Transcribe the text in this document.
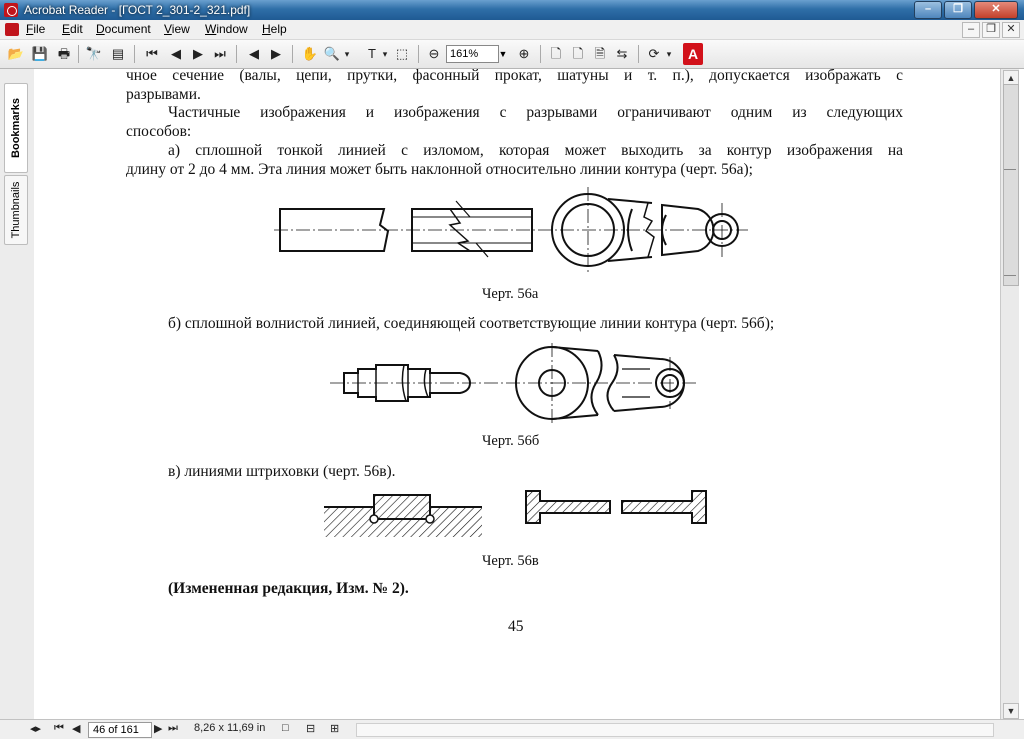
Acrobat Reader - [ГОСТ 2_301-2_321.pdf]	–	❐	✕
File Edit Document View Window Help	–	❐ ✕
📂 💾 🖶 🔭 ▤	⏮	◀ ▶ ⏭	◀ ▶	✋ 🔍 ▾	T ▾ ⬚	⊖ 161%	▼ ⊕	🗋 🗋 🗎 ⇆	⟳ ▾	A
Bookmarks
Thumbnails
чное сечение (валы, цепи, прутки, фасонный прокат, шатуны и т. п.), допускается изображать с
разрывами.
Частичные изображения и изображения с разрывами ограничивают одним из следующих
способов:
а) сплошной тонкой линией с изломом, которая может выходить за контур изображения на
длину от 2 до 4 мм. Эта линия может быть наклонной относительно линии контура (черт. 56а);
Черт. 56а
б) сплошной волнистой линией, соединяющей соответствующие линии контура (черт. 56б);
Черт. 56б
в) линиями штриховки (черт. 56в).
Черт. 56в
(Измененная редакция, Изм. № 2).
45
▲
▼
◂▸ ⏮ ◀	46 of 161	▶ ⏭ 8,26 x 11,69 in □ ⊟ ⊞
